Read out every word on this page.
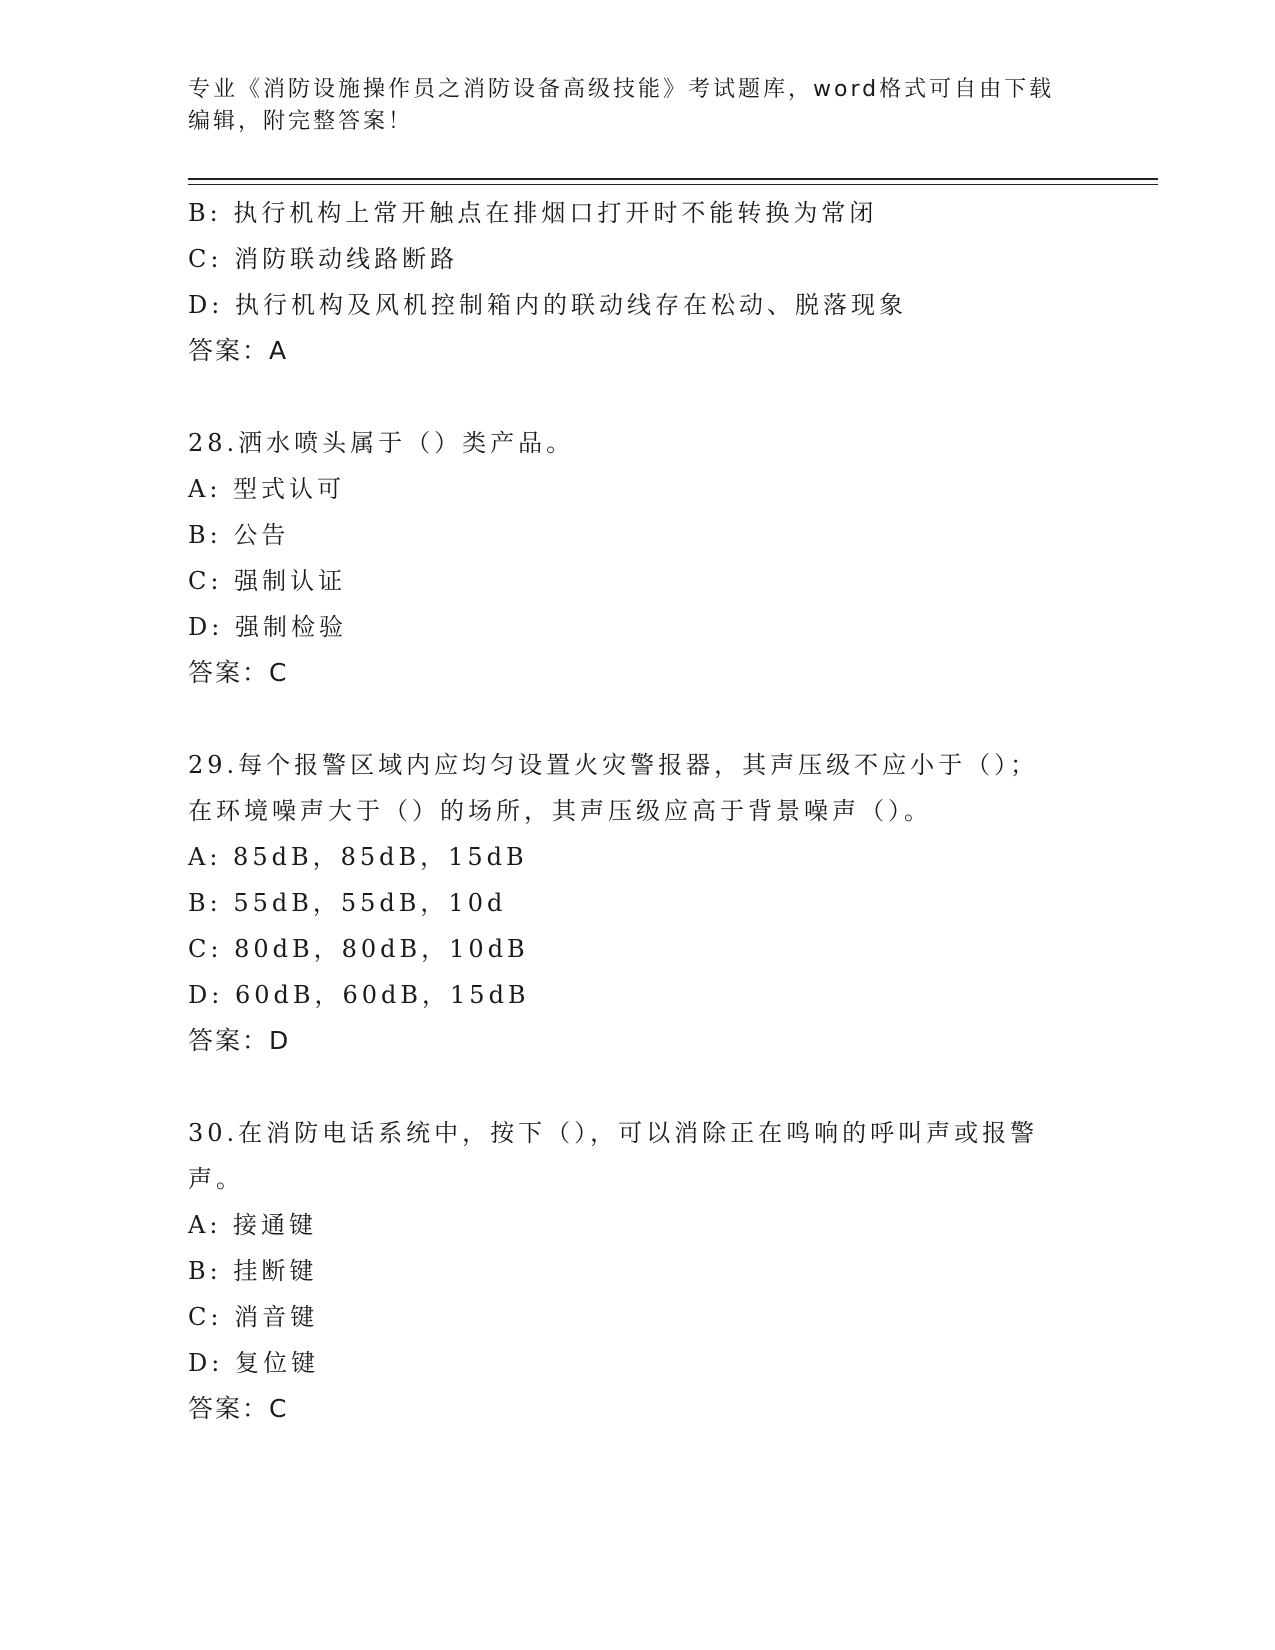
专业《消防设施操作员之消防设备高级技能》考试题库，word格式可自由下载编辑，附完整答案！
B: 执行机构上常开触点在排烟口打开时不能转换为常闭
C: 消防联动线路断路
D: 执行机构及风机控制箱内的联动线存在松动、脱落现象
答案：A
28.洒水喷头属于（）类产品。
A: 型式认可
B: 公告
C: 强制认证
D: 强制检验
答案：C
29.每个报警区域内应均匀设置火灾警报器，其声压级不应小于（）；
在环境噪声大于（）的场所，其声压级应高于背景噪声（）。
A: 85dB，85dB，15dB
B: 55dB，55dB，10d
C: 80dB，80dB，10dB
D: 60dB，60dB，15dB
答案：D
30.在消防电话系统中，按下（），可以消除正在鸣响的呼叫声或报警
声。
A: 接通键
B: 挂断键
C: 消音键
D: 复位键
答案：C
